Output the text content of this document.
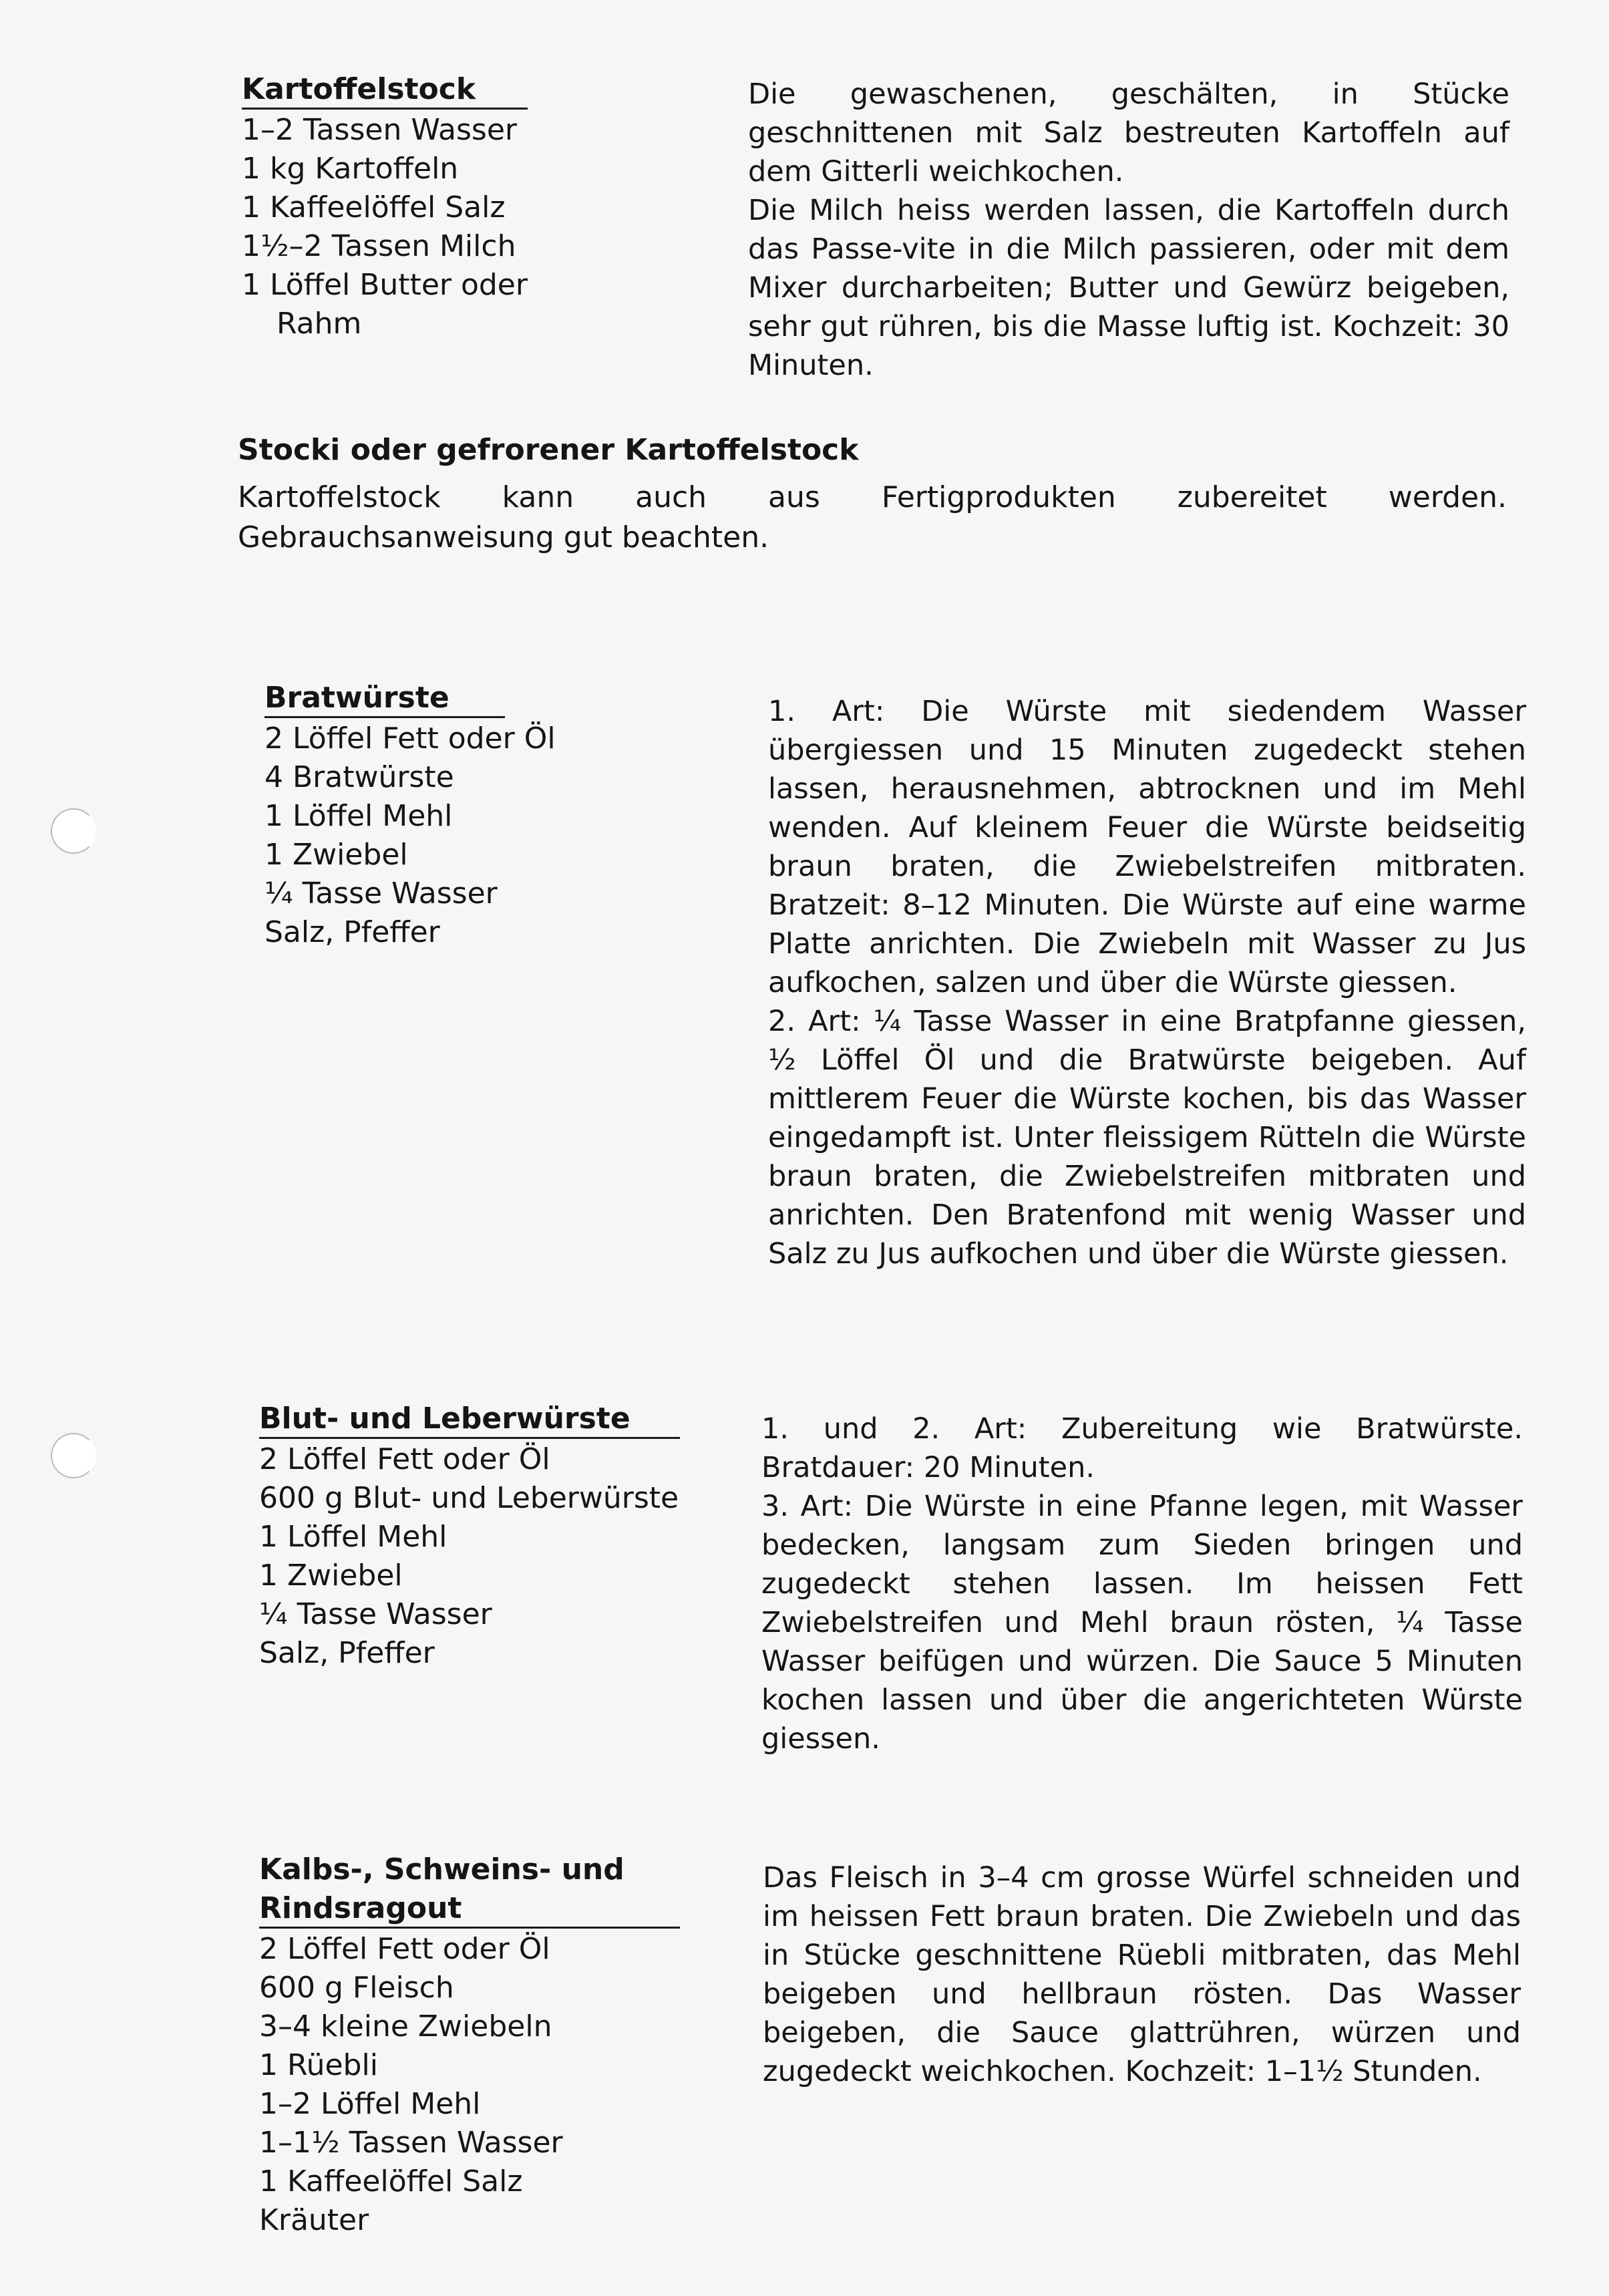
Kartoffelstock
1–2 Tassen Wasser
1 kg Kartoffeln
1 Kaffeelöffel Salz
1½–2 Tassen Milch
1 Löffel Butter oder
Rahm

Die gewaschenen, geschälten, in Stücke geschnittenen mit Salz bestreuten Kartoffeln auf dem Gitterli weichkochen.

Die Milch heiss werden lassen, die Kartoffeln durch das Passe-vite in die Milch passieren, oder mit dem Mixer durcharbeiten; Butter und Gewürz beigeben, sehr gut rühren, bis die Masse luftig ist. Kochzeit: 30 Minuten.

Stocki oder gefrorener Kartoffelstock
Kartoffelstock kann auch aus Fertigprodukten zubereitet werden. Gebrauchsanweisung gut beachten.
Bratwürste
2 Löffel Fett oder Öl
4 Bratwürste
1 Löffel Mehl
1 Zwiebel
¼ Tasse Wasser
Salz, Pfeffer

1. Art: Die Würste mit siedendem Wasser übergiessen und 15 Minuten zugedeckt stehen lassen, herausnehmen, abtrocknen und im Mehl wenden. Auf kleinem Feuer die Würste beidseitig braun braten, die Zwiebelstreifen mitbraten. Bratzeit: 8–12 Minuten. Die Würste auf eine warme Platte anrichten. Die Zwiebeln mit Wasser zu Jus aufkochen, salzen und über die Würste giessen.

2. Art: ¼ Tasse Wasser in eine Bratpfanne giessen, ½ Löffel Öl und die Bratwürste beigeben. Auf mittlerem Feuer die Würste kochen, bis das Wasser eingedampft ist. Unter fleissigem Rütteln die Würste braun braten, die Zwiebelstreifen mitbraten und anrichten. Den Bratenfond mit wenig Wasser und Salz zu Jus aufkochen und über die Würste giessen.

Blut- und Leberwürste
2 Löffel Fett oder Öl
600 g Blut- und Leberwürste
1 Löffel Mehl
1 Zwiebel
¼ Tasse Wasser
Salz, Pfeffer

1. und 2. Art: Zubereitung wie Bratwürste. Bratdauer: 20 Minuten.

3. Art: Die Würste in eine Pfanne legen, mit Wasser bedecken, langsam zum Sieden bringen und zugedeckt stehen lassen. Im heissen Fett Zwiebelstreifen und Mehl braun rösten, ¼ Tasse Wasser beifügen und würzen. Die Sauce 5 Minuten kochen lassen und über die angerichteten Würste giessen.

Kalbs-, Schweins- und
Rindsragout
2 Löffel Fett oder Öl
600 g Fleisch
3–4 kleine Zwiebeln
1 Rüebli
1–2 Löffel Mehl
1–1½ Tassen Wasser
1 Kaffeelöffel Salz
Kräuter

Das Fleisch in 3–4 cm grosse Würfel schneiden und im heissen Fett braun braten. Die Zwiebeln und das in Stücke geschnittene Rüebli mitbraten, das Mehl beigeben und hellbraun rösten. Das Wasser beigeben, die Sauce glattrühren, würzen und zugedeckt weichkochen. Kochzeit: 1–1½ Stunden.
